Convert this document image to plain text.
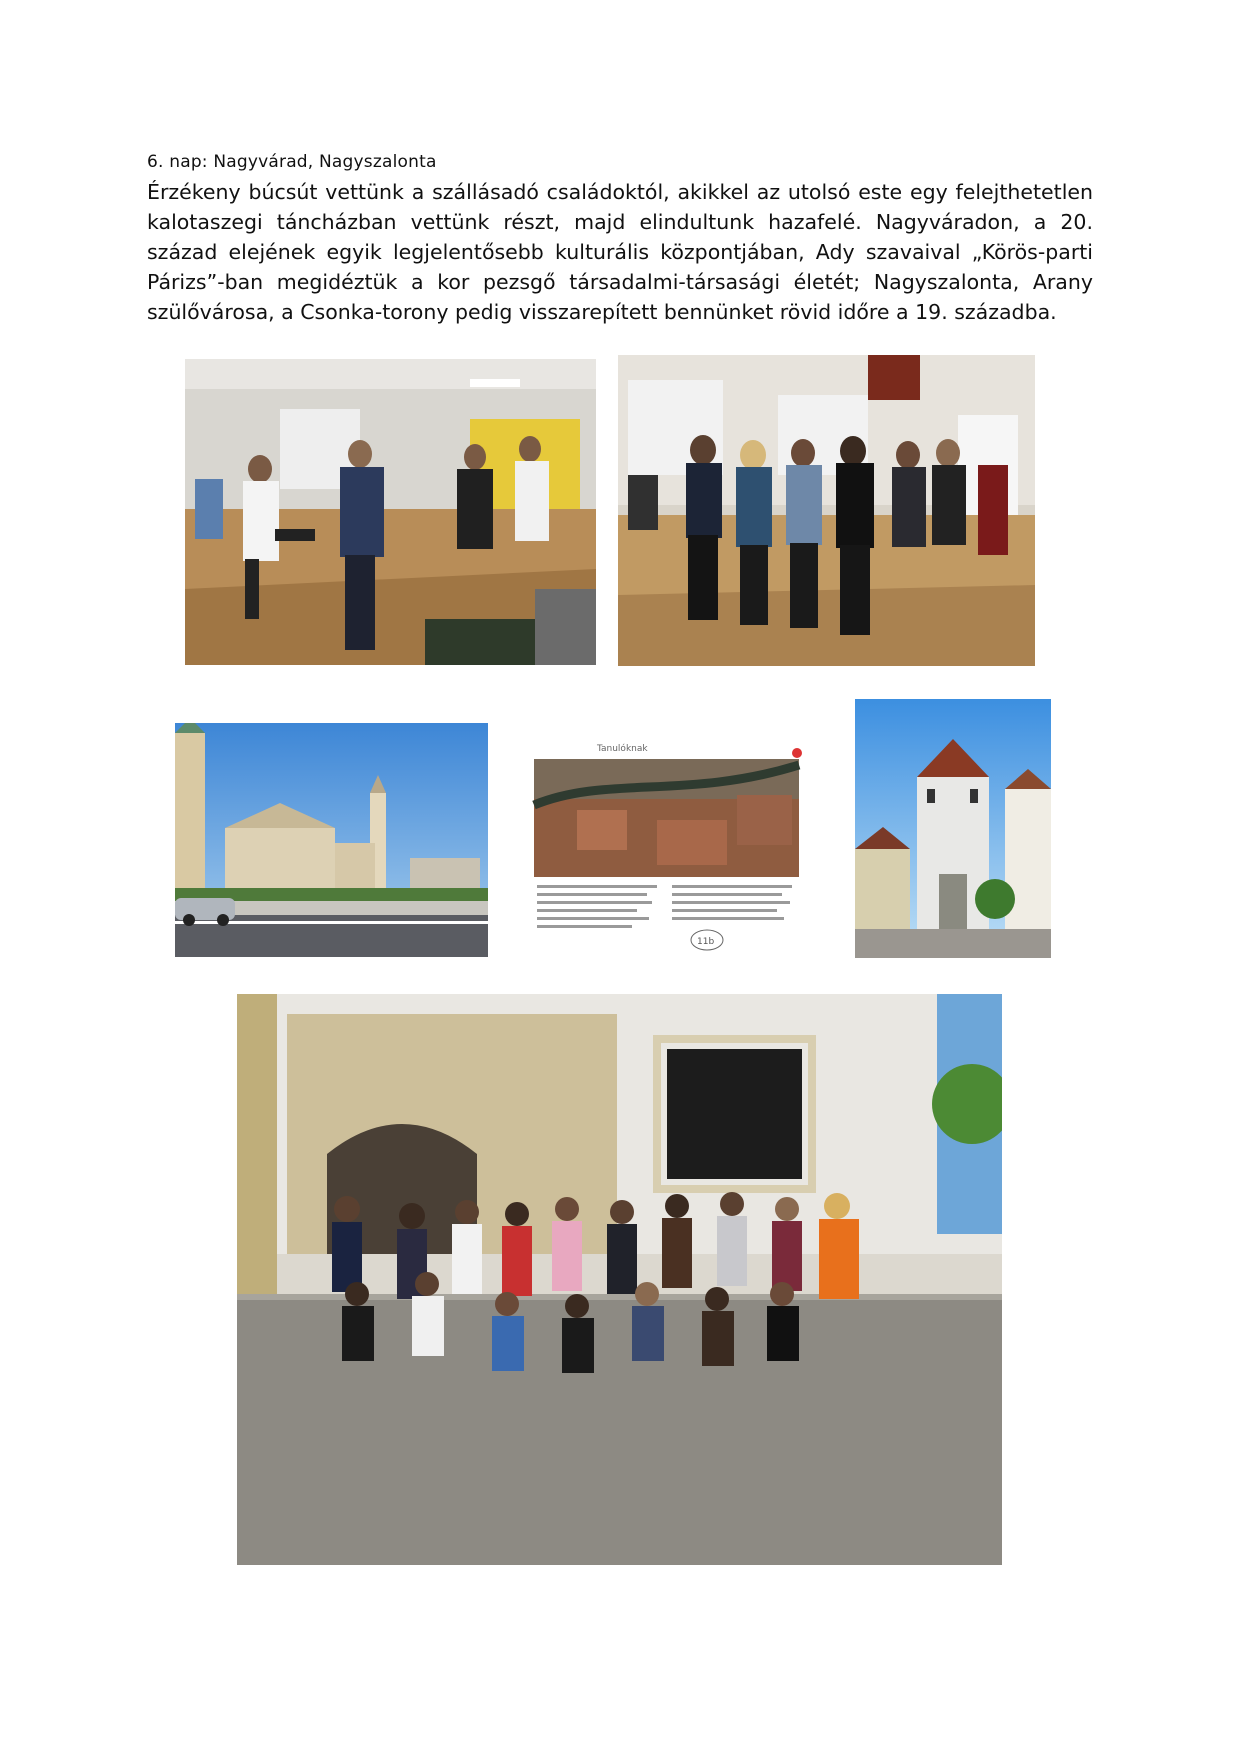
6. nap: Nagyvárad, Nagyszalonta
Érzékeny búcsút vettünk a szállásadó családoktól, akikkel az utolsó este egy felejthetetlen kalotaszegi táncházban vettünk részt, majd elindultunk hazafelé. Nagyváradon, a 20. század elejének egyik legjelentősebb kulturális központjában, Ady szavaival „Körös-parti Párizs”-ban megidéztük a kor pezsgő társadalmi-társasági életét; Nagyszalonta, Arany szülővárosa, a Csonka-torony pedig visszarepített bennünket rövid időre a 19. századba.
Tanulóknak
11b
